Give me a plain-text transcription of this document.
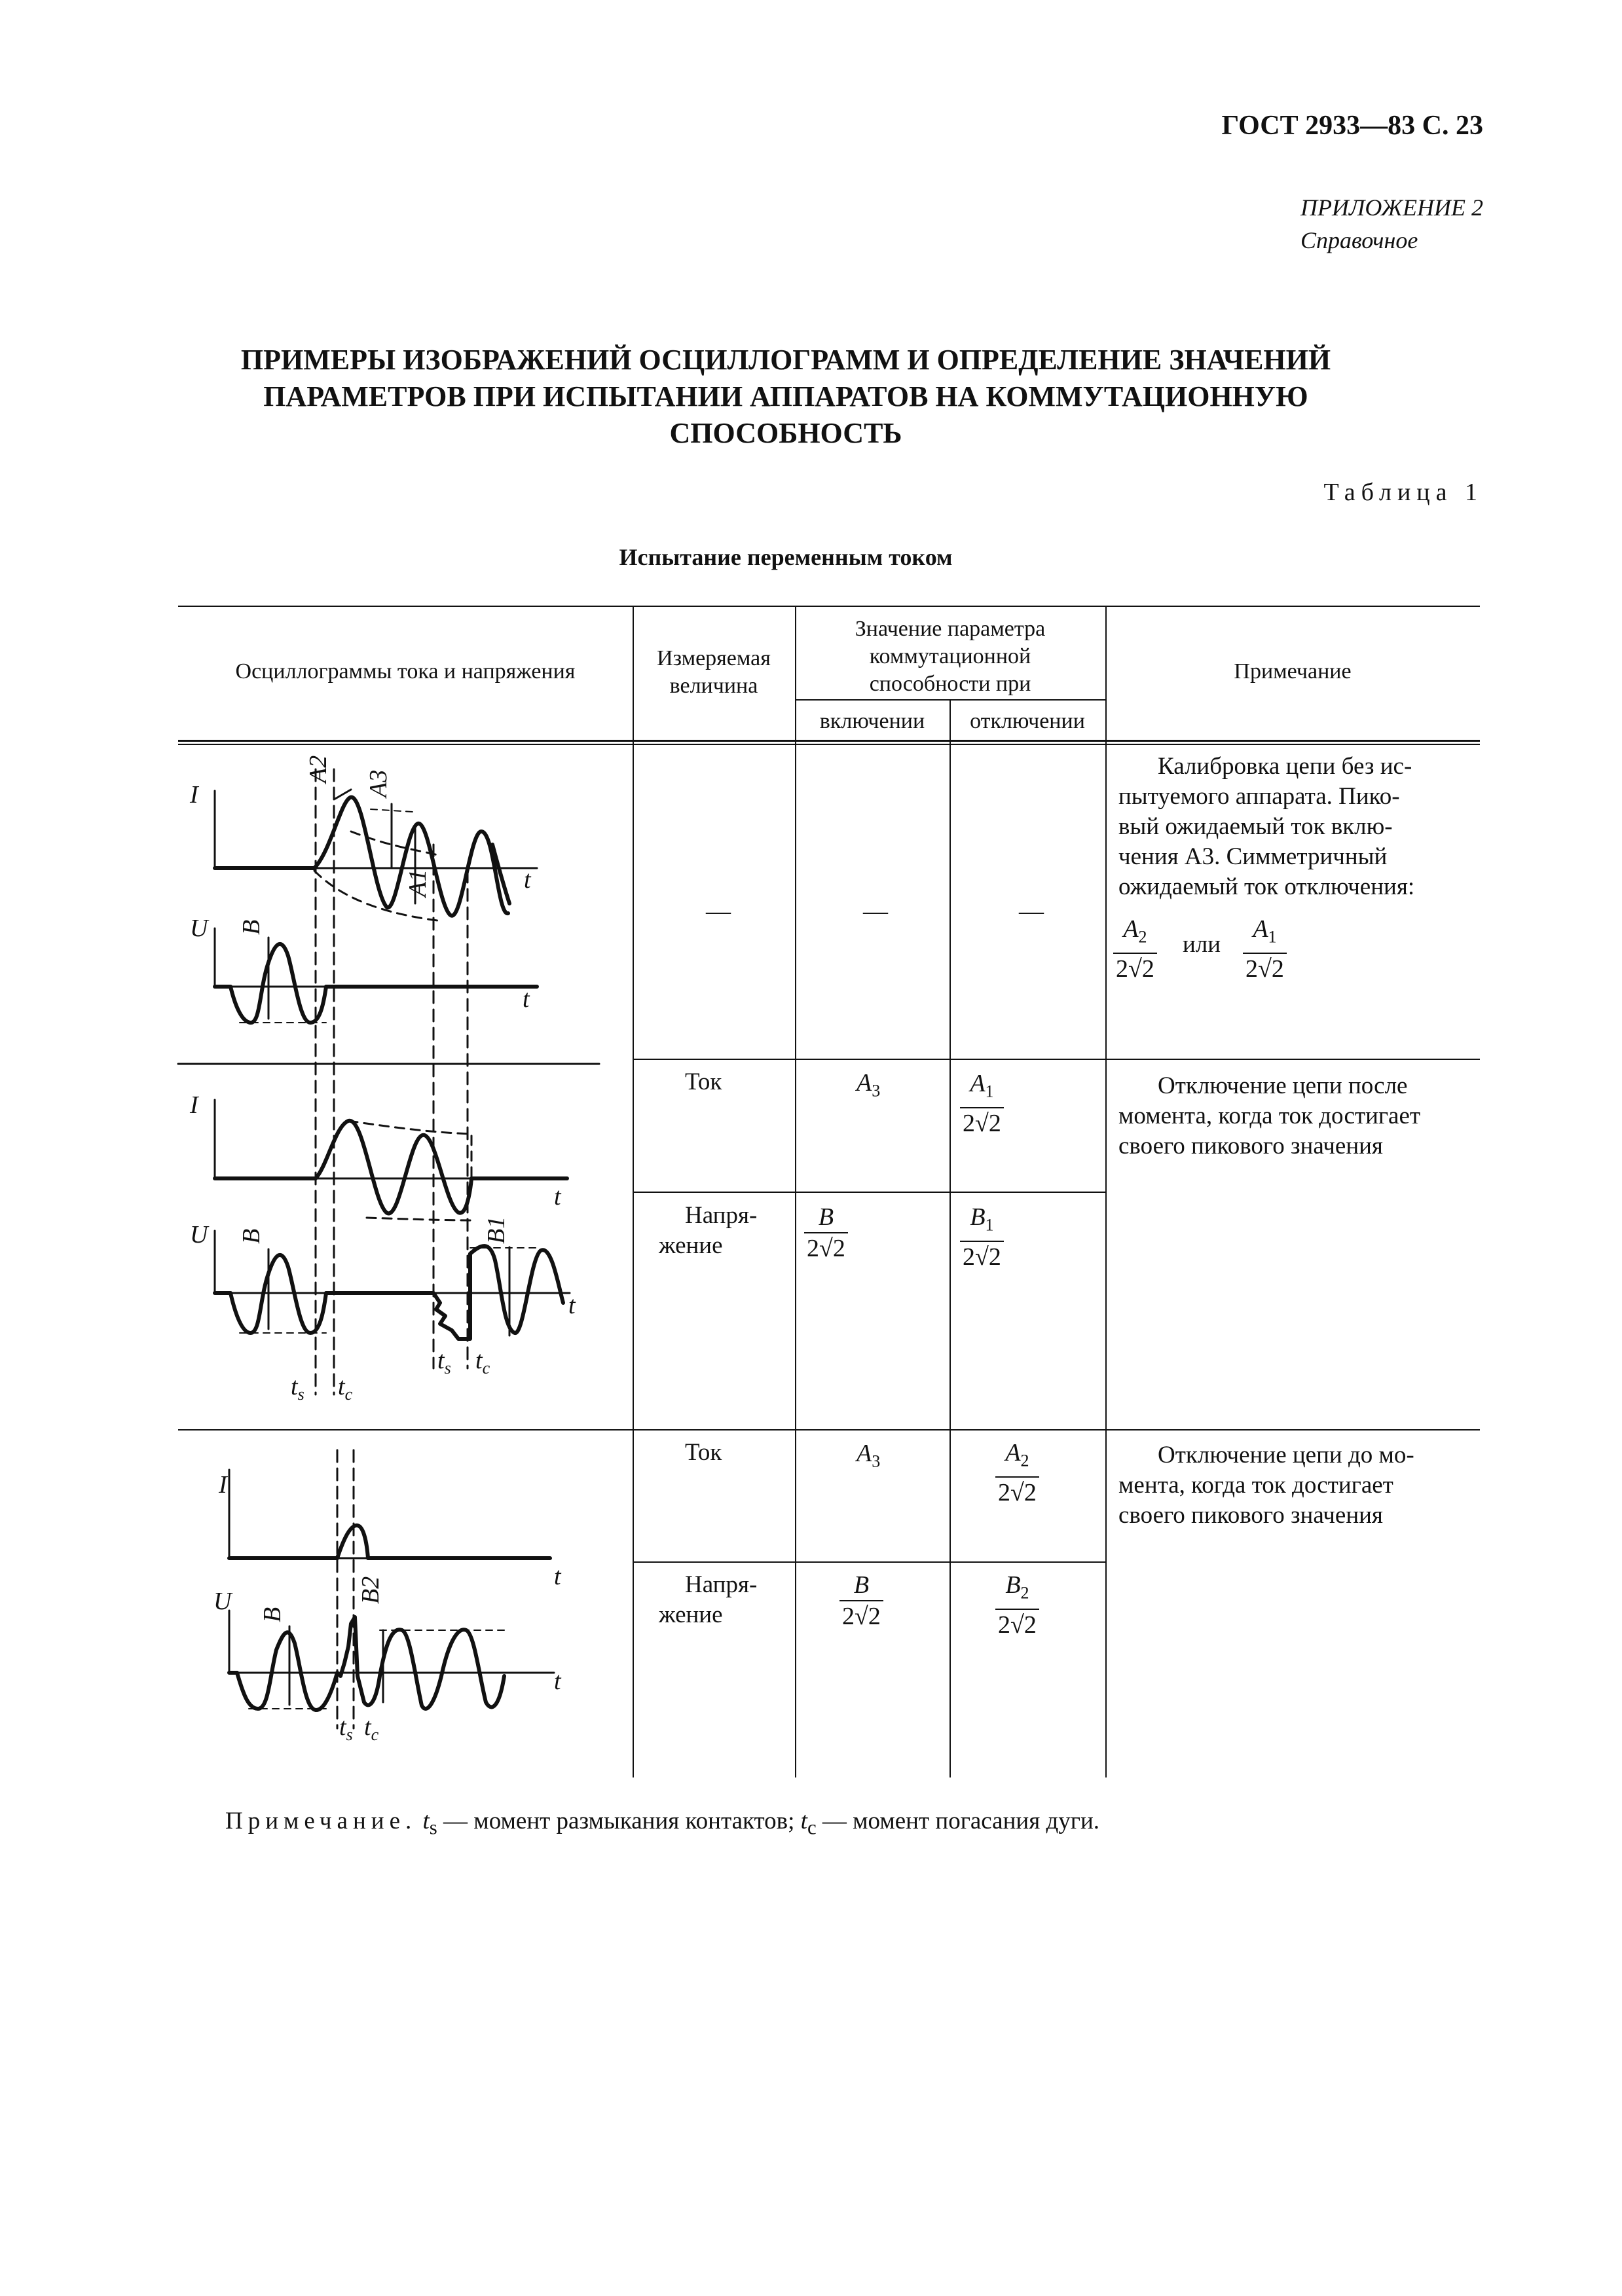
ГОСТ 2933—83 С. 23
ПРИЛОЖЕНИЕ 2
Справочное
ПРИМЕРЫ ИЗОБРАЖЕНИЙ ОСЦИЛЛОГРАММ И ОПРЕДЕЛЕНИЕ ЗНАЧЕНИЙ
ПАРАМЕТРОВ ПРИ ИСПЫТАНИИ АППАРАТОВ НА КОММУТАЦИОННУЮ
СПОСОБНОСТЬ
Таблица 1
Испытание переменным током
Осциллограммы тока и напряжения
Измеряемая
величина
Значение параметра
коммутационной
способности при
включении	отключении
Примечание
—	—	—
Калибровка цепи без ис-
пытуемого аппарата. Пико-
вый ожидаемый ток вклю-
чения A3. Симметричный
ожидаемый ток отключения:
$\frac{A_2}{2√2}$ или $\frac{A_1}{2√2}$
Ток	$A_3$	$\frac{A_1}{2√2}$
Напря-
жение	$\frac{B}{2√2}$	$\frac{B_1}{2√2}$
Отключение цепи после
момента, когда ток достигает
своего пикового значения
Ток	$A_3$	$\frac{A_2}{2√2}$
Напря-
жение	$\frac{B}{2√2}$	$\frac{B_2}{2√2}$
Отключение цепи до мо-
мента, когда ток достигает
своего пикового значения
I
t
U
t
A2
A3
A1
B
I
t
U
t
B	B1
$t_s$ $t_c$
$t_s$ $t_c$
I
t
U
t
B
B2
$t_s$ $t_c$
Примечание. $t_s$ — момент размыкания контактов; $t_c$ — момент погасания дуги.
